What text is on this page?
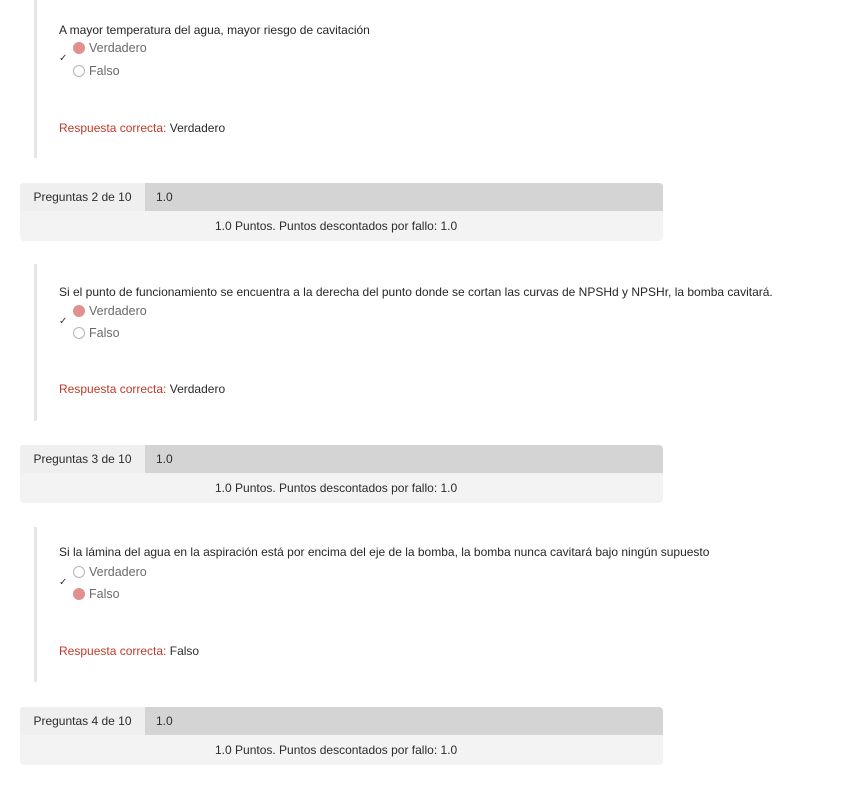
A mayor temperatura del agua, mayor riesgo de cavitación
✓
Verdadero
Falso
Respuesta correcta: Verdadero
Preguntas 2 de 10	1.0
1.0 Puntos. Puntos descontados por fallo: 1.0
Si el punto de funcionamiento se encuentra a la derecha del punto donde se cortan las curvas de NPSHd y NPSHr, la bomba cavitará.
✓
Verdadero
Falso
Respuesta correcta: Verdadero
Preguntas 3 de 10	1.0
1.0 Puntos. Puntos descontados por fallo: 1.0
Si la lámina del agua en la aspiración está por encima del eje de la bomba, la bomba nunca cavitará bajo ningún supuesto
✓
Verdadero
Falso
Respuesta correcta: Falso
Preguntas 4 de 10	1.0
1.0 Puntos. Puntos descontados por fallo: 1.0
